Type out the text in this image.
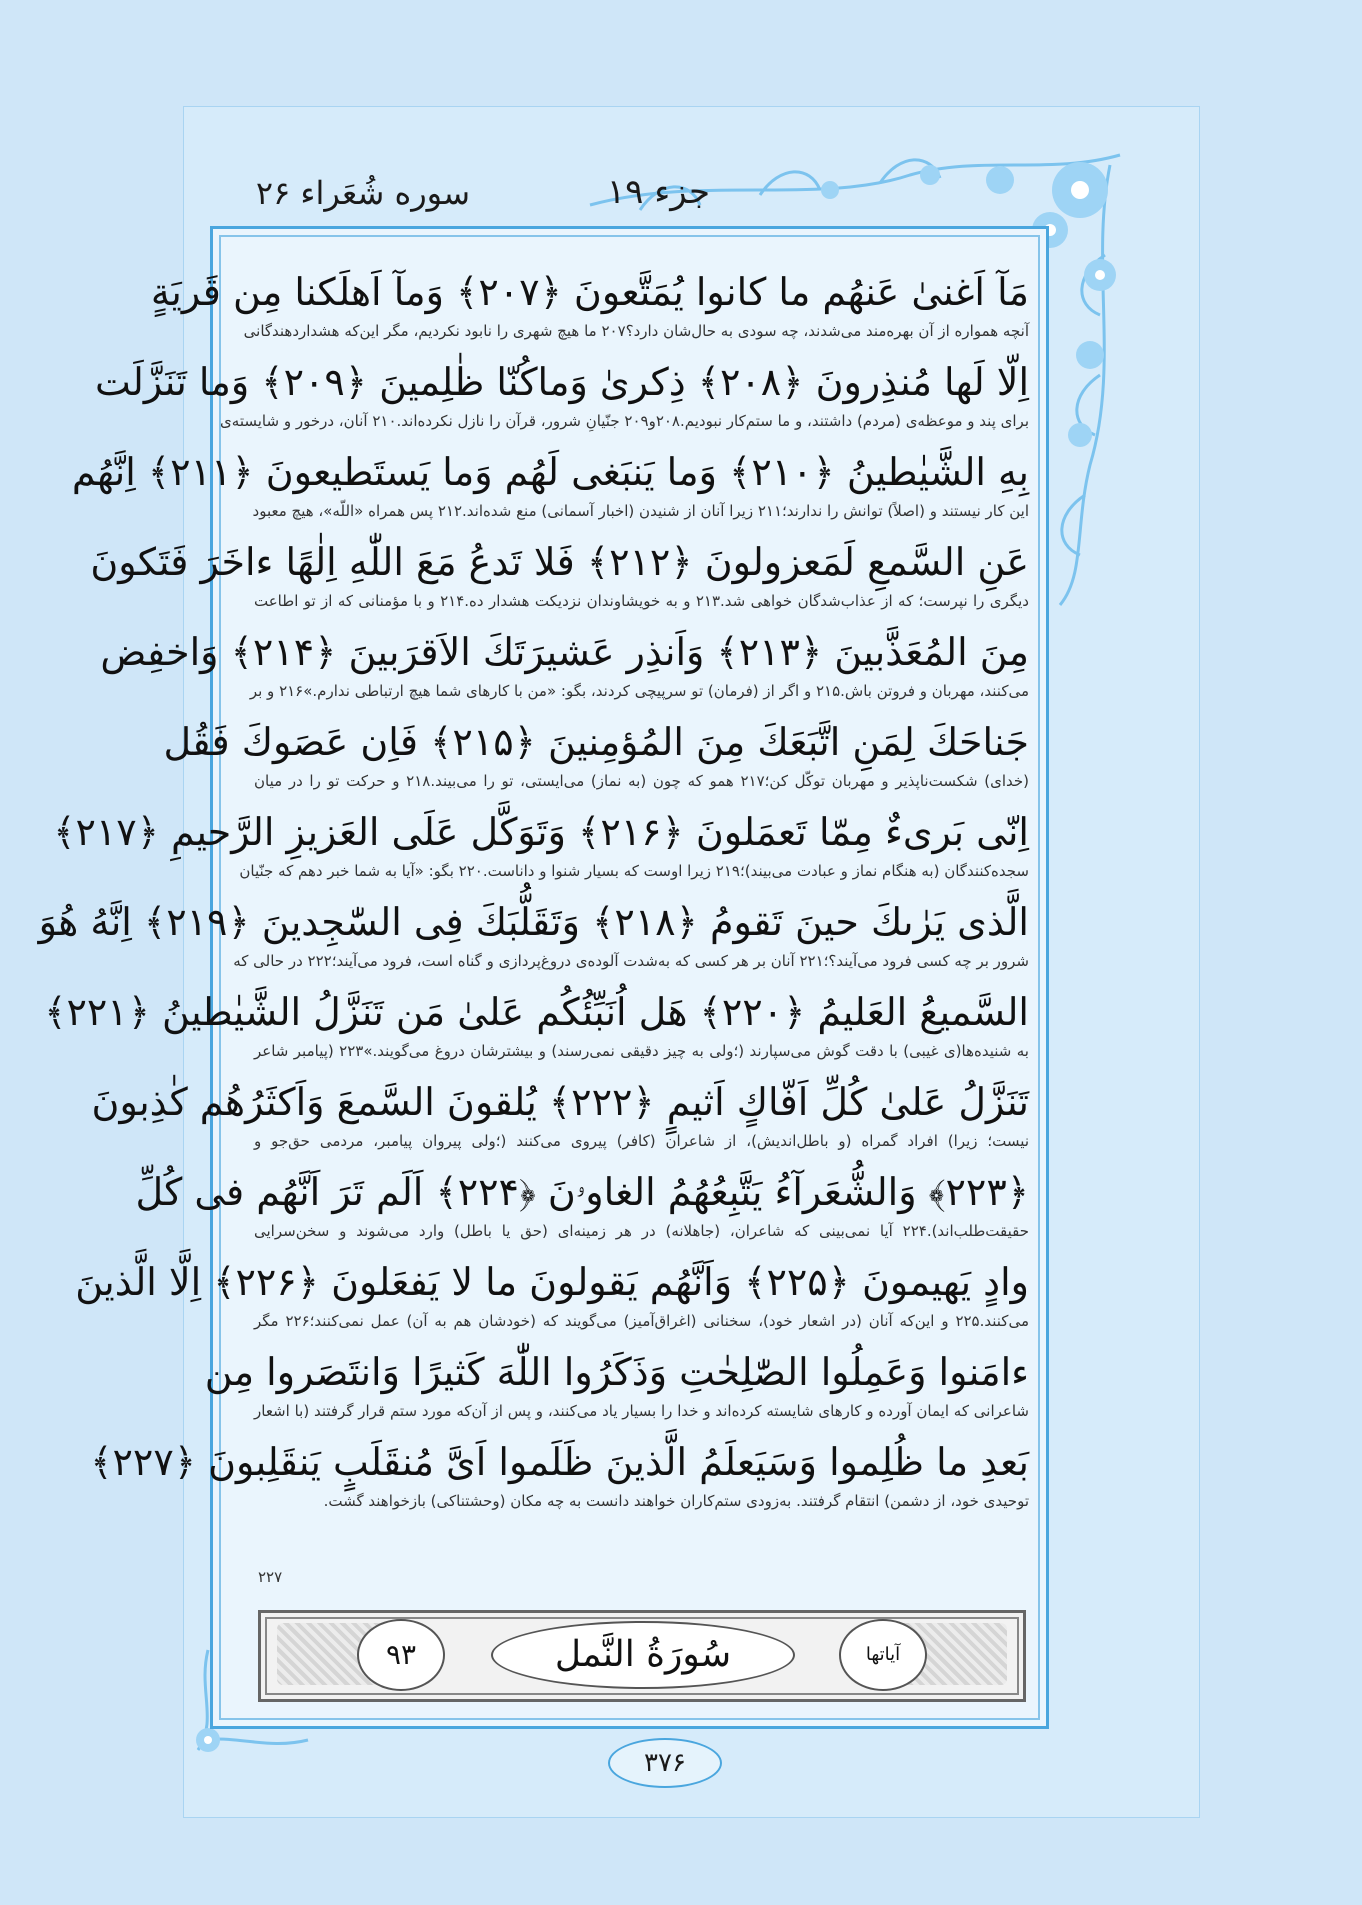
جزء ۱۹
سوره شُعَراء ۲۶
مَآ اَغنیٰ عَنهُم ما كانوا یُمَتَّعونَ ﴿۲۰۷﴾ وَمآ اَهلَكنا مِن قَریَةٍ
آنچه همواره از آن بهره‌مند می‌شدند، چه سودی به حال‌شان دارد؟۲۰۷ ما هیچ شهری را نابود نکردیم، مگر این‌که هشداردهندگانی
اِلّا لَها مُنذِرونَ ﴿۲۰۸﴾ ذِكریٰ وَماكُنّا ظٰلِمینَ ﴿۲۰۹﴾ وَما تَنَزَّلَت
برای پند و موعظه‌ی (مردم) داشتند، و ما ستم‌کار نبودیم.۲۰۸و۲۰۹ جنّیانِ شرور، قرآن را نازل نکرده‌اند.۲۱۰ آنان، درخور و شایسته‌ی
بِهِ الشَّیٰطینُ ﴿۲۱۰﴾ وَما یَنبَغی لَهُم وَما یَستَطیعونَ ﴿۲۱۱﴾ اِنَّهُم
این کار نیستند و (اصلاً) توانش را ندارند؛۲۱۱ زیرا آنان از شنیدن (اخبار آسمانی) منع شده‌اند.۲۱۲ پس همراه «اللّه»، هیچ معبود
عَنِ السَّمعِ لَمَعزولونَ ﴿۲۱۲﴾ فَلا تَدعُ مَعَ اللّٰهِ اِلٰهًا ءاخَرَ فَتَكونَ
دیگری را نپرست؛ که از عذاب‌شدگان خواهی شد.۲۱۳ و به خویشاوندان نزدیکت هشدار ده.۲۱۴ و با مؤمنانی که از تو اطاعت
مِنَ المُعَذَّبینَ ﴿۲۱۳﴾ وَاَنذِر عَشیرَتَكَ الاَقرَبینَ ﴿۲۱۴﴾ وَاخفِض
می‌کنند، مهربان و فروتن باش.۲۱۵ و اگر از (فرمان) تو سرپیچی کردند، بگو: «من با کارهای شما هیچ ارتباطی ندارم.»۲۱۶ و بر
جَناحَكَ لِمَنِ اتَّبَعَكَ مِنَ المُؤمِنینَ ﴿۲۱۵﴾ فَاِن عَصَوكَ فَقُل
(خدای) شکست‌ناپذیر و مهربان توکّل کن؛۲۱۷ همو که چون (به نماز) می‌ایستی، تو را می‌بیند.۲۱۸ و حرکت تو را در میان
اِنّی بَریءٌ مِمّا تَعمَلونَ ﴿۲۱۶﴾ وَتَوَكَّل عَلَی العَزیزِ الرَّحیمِ ﴿۲۱۷﴾
سجده‌کنندگان (به هنگام نماز و عبادت می‌بیند)؛۲۱۹ زیرا اوست که بسیار شنوا و داناست.۲۲۰ بگو: «آیا به شما خبر دهم که جنّیان
الَّذی یَرٰىكَ حینَ تَقومُ ﴿۲۱۸﴾ وَتَقَلُّبَكَ فِی السّٰجِدینَ ﴿۲۱۹﴾ اِنَّهُ هُوَ
شرور بر چه کسی فرود می‌آیند؟؛۲۲۱ آنان بر هر کسی که به‌شدت آلوده‌ی دروغ‌پردازی و گناه است، فرود می‌آیند؛۲۲۲ در حالی که
السَّمیعُ العَلیمُ ﴿۲۲۰﴾ هَل اُنَبِّئُكُم عَلیٰ مَن تَنَزَّلُ الشَّیٰطینُ ﴿۲۲۱﴾
به شنیده‌ها(ی غیبی) با دقت گوش می‌سپارند (؛ولی به چیز دقیقی نمی‌رسند) و بیشترشان دروغ می‌گویند.»۲۲۳ (پیامبر شاعر
تَنَزَّلُ عَلیٰ كُلِّ اَفّاكٍ اَثیمٍ ﴿۲۲۲﴾ یُلقونَ السَّمعَ وَاَكثَرُهُم كٰذِبونَ
نیست؛ زیرا) افراد گمراه (و باطل‌اندیش)، از شاعران (کافر) پیروی می‌کنند (؛ولی پیروان پیامبر، مردمی حق‌جو و
﴿۲۲۳﴾ وَالشُّعَرآءُ یَتَّبِعُهُمُ الغاوۥنَ ﴿۲۲۴﴾ اَلَم تَرَ اَنَّهُم فی كُلِّ
حقیقت‌طلب‌اند).۲۲۴ آیا نمی‌بینی که شاعران، (جاهلانه) در هر زمینه‌ای (حق یا باطل) وارد می‌شوند و سخن‌سرایی
وادٍ یَهیمونَ ﴿۲۲۵﴾ وَاَنَّهُم یَقولونَ ما لا یَفعَلونَ ﴿۲۲۶﴾ اِلَّا الَّذینَ
می‌کنند.۲۲۵ و این‌که آنان (در اشعار خود)، سخنانی (اغراق‌آمیز) می‌گویند که (خودشان هم به آن) عمل نمی‌کنند؛۲۲۶ مگر
ءامَنوا وَعَمِلُوا الصّٰلِحٰتِ وَذَكَرُوا اللّٰهَ كَثیرًا وَانتَصَروا مِن
شاعرانی که ایمان آورده و کارهای شایسته کرده‌اند و خدا را بسیار یاد می‌کنند، و پس از آن‌که مورد ستم قرار گرفتند (با اشعار
بَعدِ ما ظُلِموا وَسَیَعلَمُ الَّذینَ ظَلَموا اَیَّ مُنقَلَبٍ یَنقَلِبونَ ﴿۲۲۷﴾
توحیدی خود، از دشمن) انتقام گرفتند. به‌زودی ستم‌کاران خواهند دانست به چه مکان (وحشتناکی) بازخواهند گشت.
۲۲۷
۹۳	سُورَةُ النَّمل	آیاتها
۳۷۶
